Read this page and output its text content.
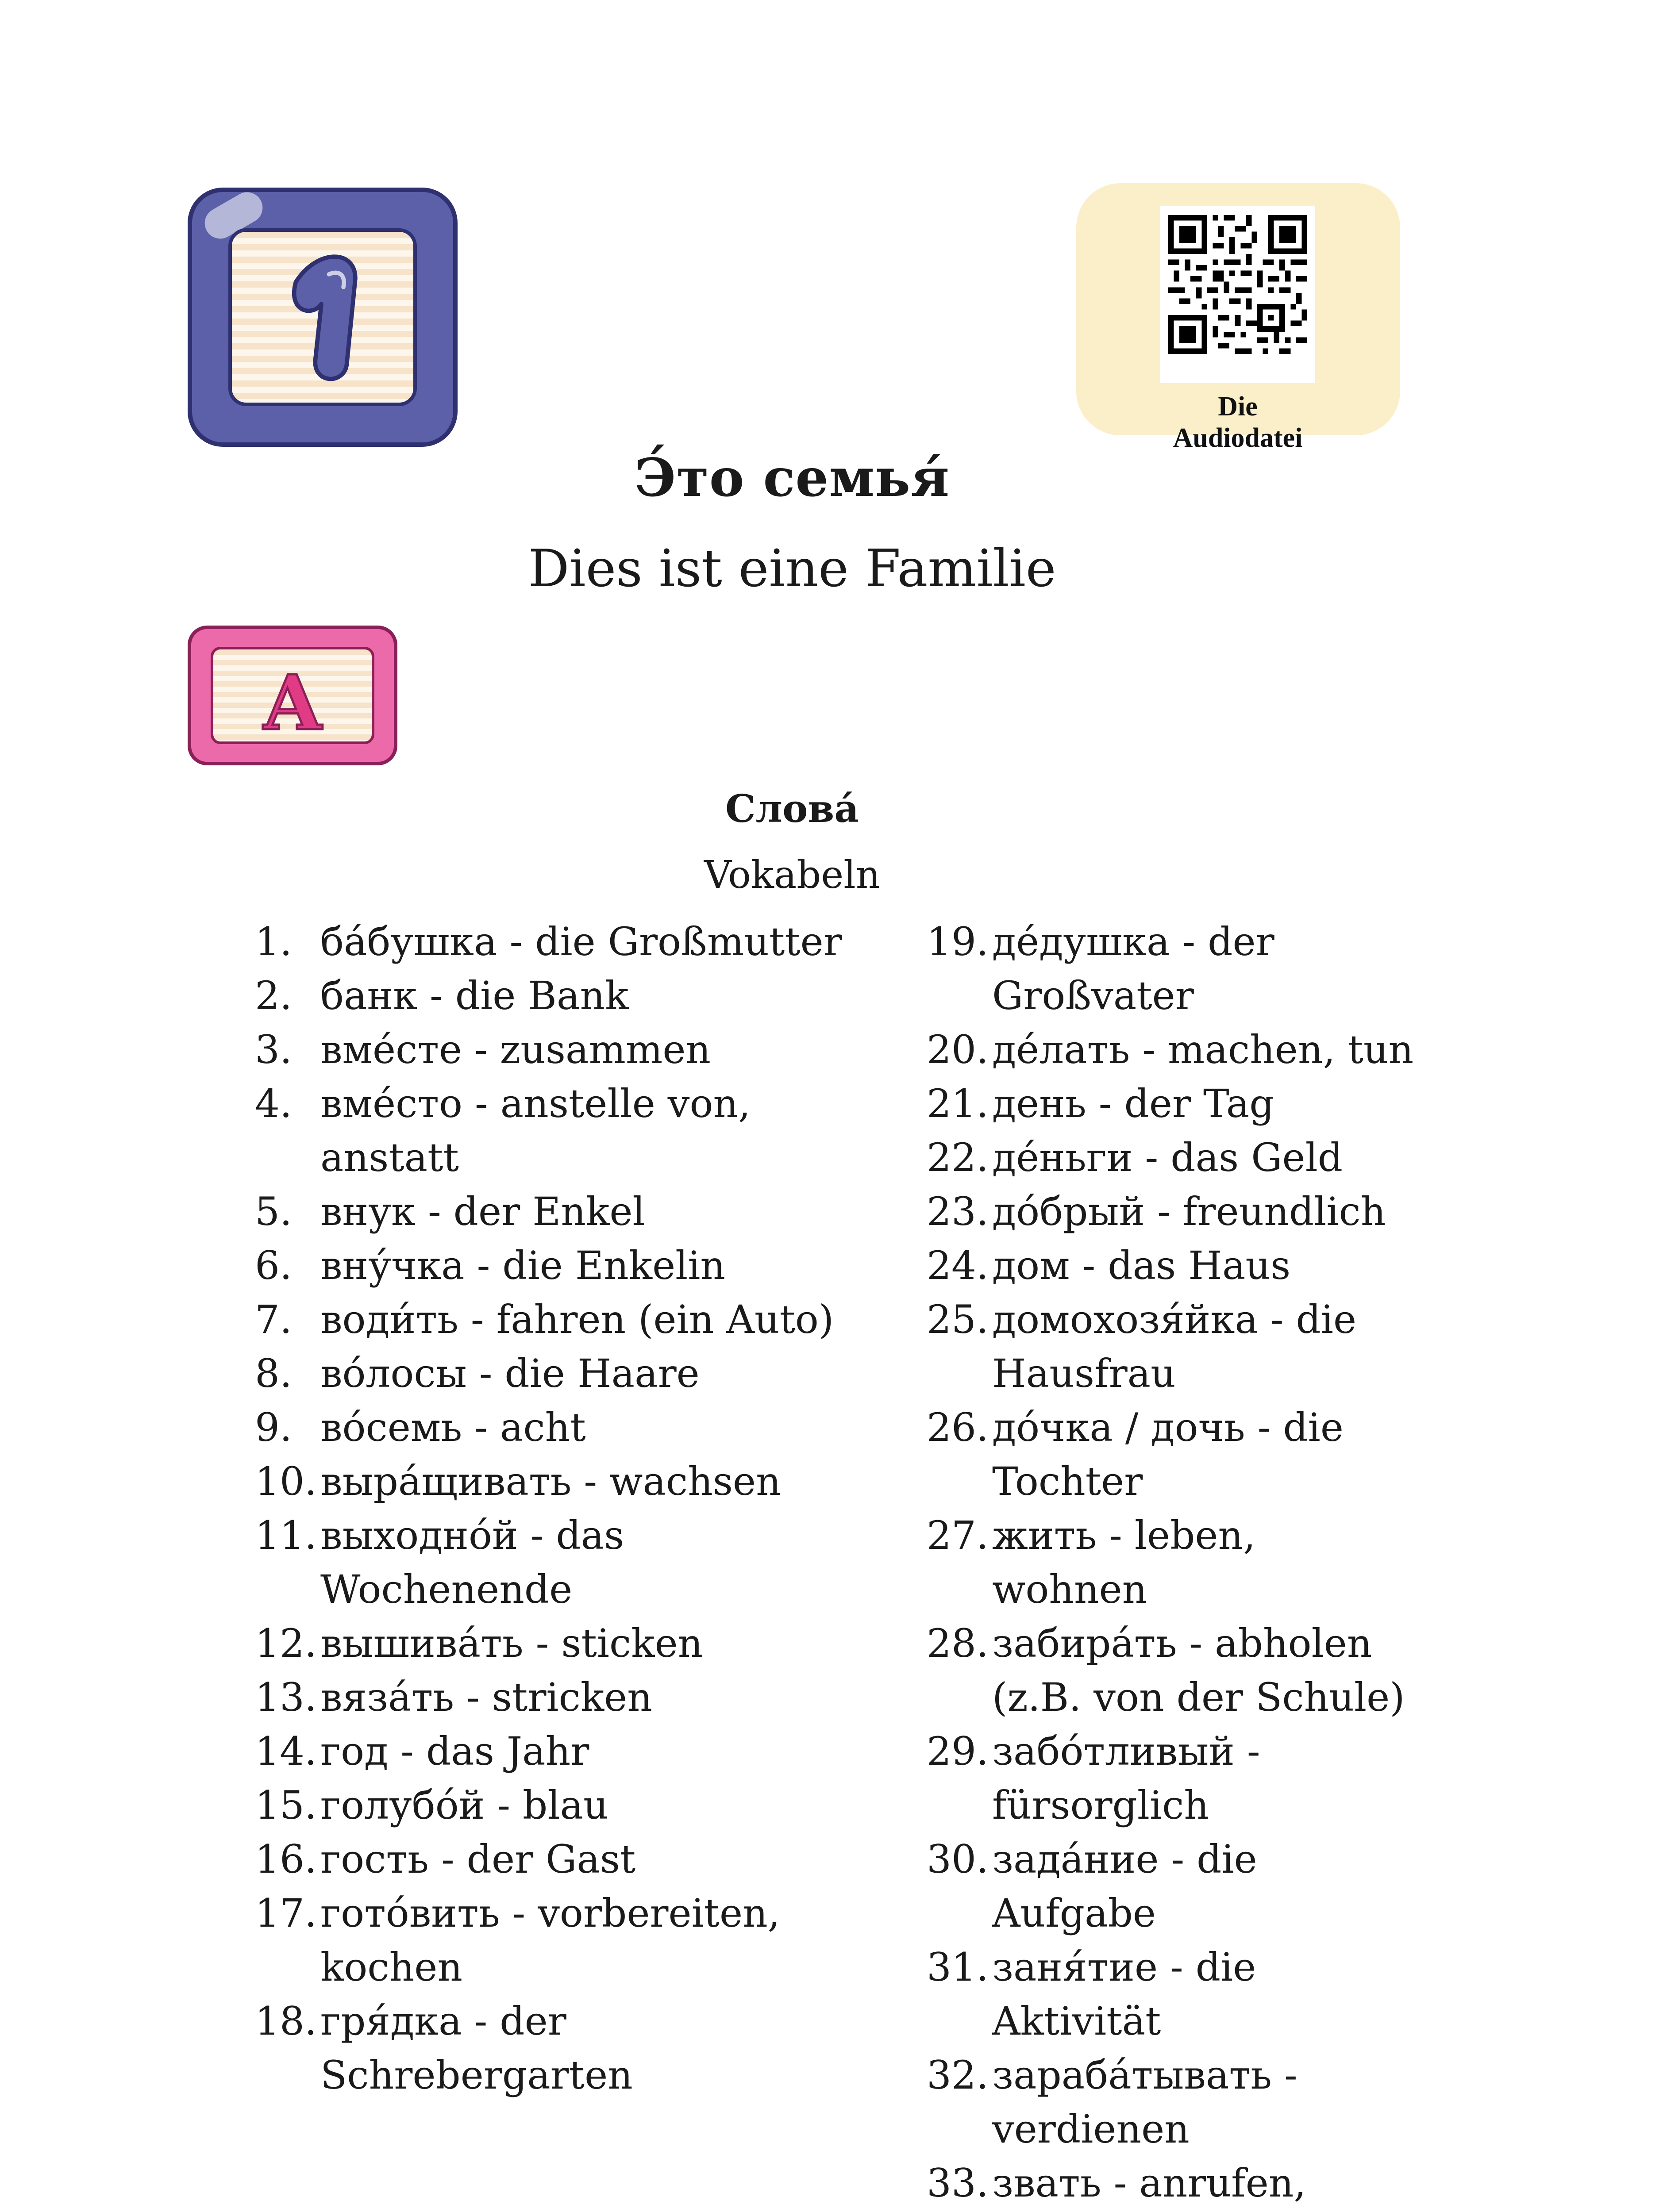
Die Audiodatei
Э́то семья́
Dies ist eine Familie
A
Слова́
Vokabeln
1. ба́бушка - die Großmutter
2. банк - die Bank
3. вме́сте - zusammen
4. вме́сто - anstelle von, anstatt
5. внук - der Enkel
6. вну́чка - die Enkelin
7. води́ть - fahren (ein Auto)
8. во́лосы - die Haare
9. во́семь - acht
10. выра́щивать - wachsen
11. выходно́й - das Wochenende
12. вышива́ть - sticken
13. вяза́ть - stricken
14. год - das Jahr
15. голубо́й - blau
16. гость - der Gast
17. гото́вить - vorbereiten, kochen
18. гря́дка - der Schrebergarten
19. де́душка - der Großvater
20. де́лать - machen, tun
21. день - der Tag
22. де́ньги - das Geld
23. до́брый - freundlich
24. дом - das Haus
25. домохозя́йка - die Hausfrau
26. до́чка / дочь - die Tochter
27. жить - leben, wohnen
28. забира́ть - abholen (z.B. von der Schule)
29. забо́тливый - fürsorglich
30. зада́ние - die Aufgabe
31. заня́тие - die Aktivität
32. зараба́тывать - verdienen
33. звать - anrufen,
